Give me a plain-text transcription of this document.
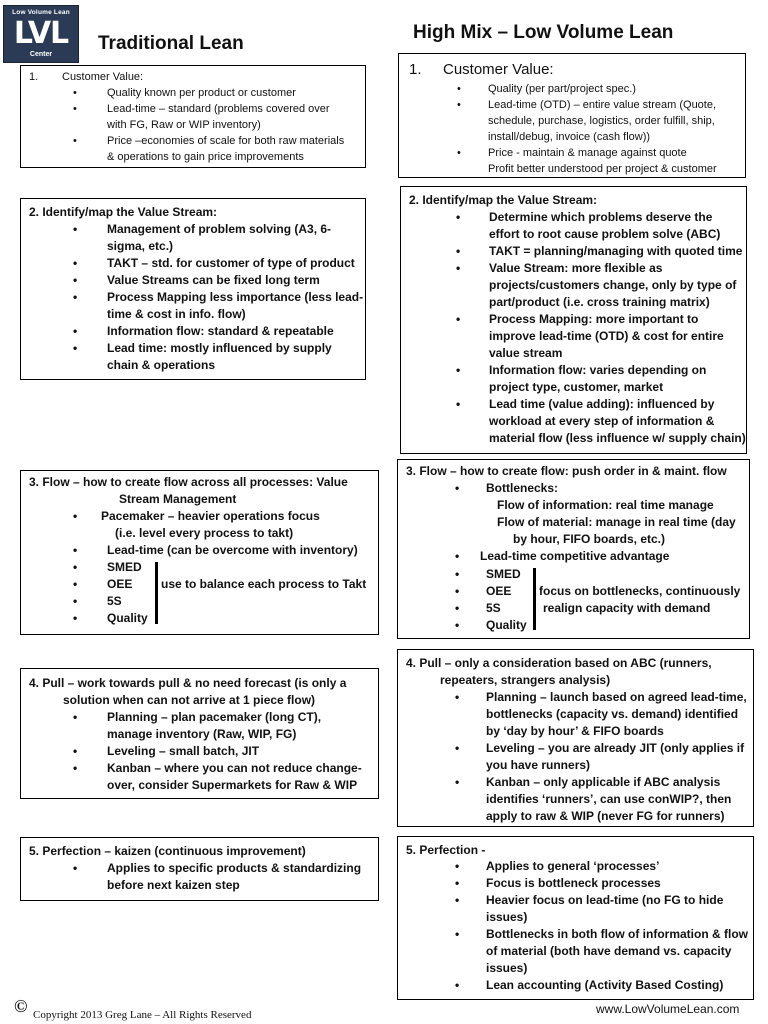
Low Volume Lean
LVL
Center
Traditional Lean
High Mix – Low Volume Lean
1. Customer Value:
•	Quality known per product or customer
•	Lead-time – standard (problems covered over
with FG, Raw or WIP inventory)
•	Price –economies of scale for both raw materials
& operations to gain price improvements
2. Identify/map the Value Stream:
• Management of problem solving (A3, 6-
sigma, etc.)
• TAKT – std. for customer of type of product
• Value Streams can be fixed long term
• Process Mapping less importance (less lead-
time & cost in info. flow)
• Information flow: standard & repeatable
• Lead time: mostly influenced by supply
chain & operations
3. Flow – how to create flow across all processes: Value
Stream Management
• Pacemaker – heavier operations focus
(i.e. level every process to takt)
• Lead-time (can be overcome with inventory)
• SMED
• OEE
• 5S
• Quality
use to balance each process to Takt
4. Pull – work towards pull & no need forecast (is only a
solution when can not arrive at 1 piece flow)
• Planning – plan pacemaker (long CT),
manage inventory (Raw, WIP, FG)
• Leveling – small batch, JIT
• Kanban – where you can not reduce change-
over, consider Supermarkets for Raw & WIP
5. Perfection – kaizen (continuous improvement)
• Applies to specific products & standardizing
before next kaizen step
1. Customer Value:
• Quality (per part/project spec.)
• Lead-time (OTD) – entire value stream (Quote,
schedule, purchase, logistics, order fulfill, ship,
install/debug, invoice (cash flow))
• Price - maintain & manage against quote
Profit better understood per project & customer
2. Identify/map the Value Stream:
• Determine which problems deserve the
effort to root cause problem solve (ABC)
• TAKT = planning/managing with quoted time
• Value Stream: more flexible as
projects/customers change, only by type of
part/product (i.e. cross training matrix)
• Process Mapping: more important to
improve lead-time (OTD) & cost for entire
value stream
• Information flow: varies depending on
project type, customer, market
• Lead time (value adding): influenced by
workload at every step of information &
material flow (less influence w/ supply chain)
3. Flow – how to create flow: push order in & maint. flow
• Bottlenecks:
Flow of information: real time manage
Flow of material: manage in real time (day
by hour, FIFO boards, etc.)
• Lead-time competitive advantage
• SMED
• OEE
• 5S
• Quality
focus on bottlenecks, continuously
realign capacity with demand
4. Pull – only a consideration based on ABC (runners,
repeaters, strangers analysis)
• Planning – launch based on agreed lead-time,
bottlenecks (capacity vs. demand) identified
by ‘day by hour’ & FIFO boards
• Leveling – you are already JIT (only applies if
you have runners)
• Kanban – only applicable if ABC analysis
identifies ‘runners’, can use conWIP?, then
apply to raw & WIP (never FG for runners)
5. Perfection -
• Applies to general ‘processes’
• Focus is bottleneck processes
• Heavier focus on lead-time (no FG to hide
issues)
• Bottlenecks in both flow of information & flow
of material (both have demand vs. capacity
issues)
• Lean accounting (Activity Based Costing)
© Copyright 2013 Greg Lane – All Rights Reserved	www.LowVolumeLean.com
